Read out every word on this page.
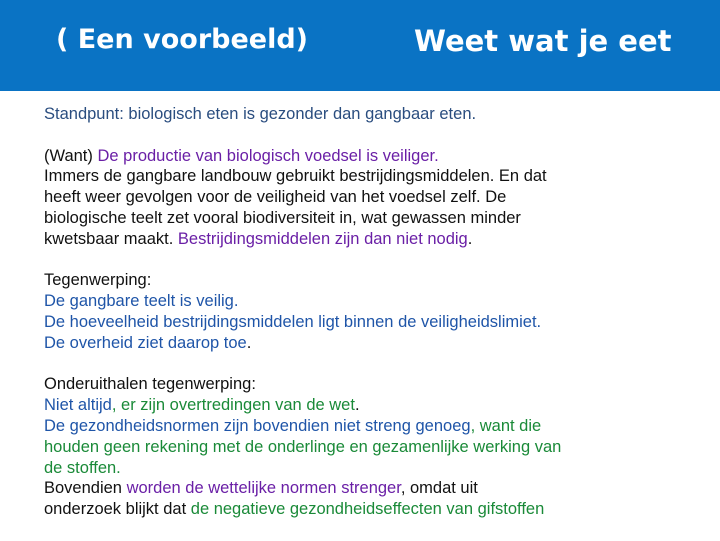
( Een voorbeeld)	Weet wat je eet
Standpunt: biologisch eten is gezonder dan gangbaar eten.
(Want) De productie van biologisch voedsel is veiliger.
Immers de gangbare landbouw gebruikt bestrijdingsmiddelen. En dat
heeft weer gevolgen voor de veiligheid van het voedsel zelf. De
biologische teelt zet vooral biodiversiteit in, wat gewassen minder
kwetsbaar maakt. Bestrijdingsmiddelen zijn dan niet nodig.
Tegenwerping:
De gangbare teelt is veilig.
De hoeveelheid bestrijdingsmiddelen ligt binnen de veiligheidslimiet.
De overheid ziet daarop toe.
Onderuithalen tegenwerping:
Niet altijd, er zijn overtredingen van de wet.
De gezondheidsnormen zijn bovendien niet streng genoeg, want die
houden geen rekening met de onderlinge en gezamenlijke werking van
de stoffen.
Bovendien worden de wettelijke normen strenger, omdat uit
onderzoek blijkt dat de negatieve gezondheidseffecten van gifstoffen
